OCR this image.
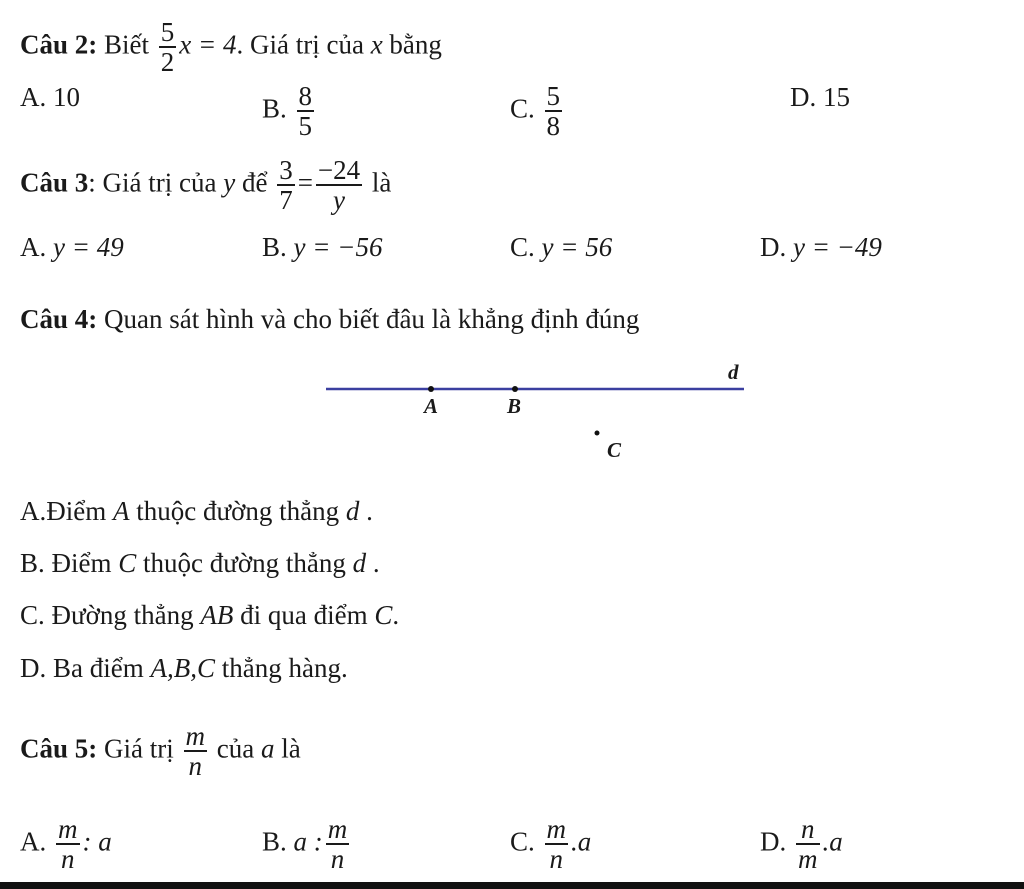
Câu 2: Biết $\frac{5}{2}$ x = 4. Giá trị của x bằng
A. 10	B. $\frac{8}{5}$	C. $\frac{5}{8}$	D. 15
Câu 3: Giá trị của y để $\frac{3}{7} = \frac{-24}{y}$ là
A. y = 49	B. y = −56	C. y = 56	D. y = −49
Câu 4: Quan sát hình và cho biết đâu là khẳng định đúng
d
A	B
C
A.Điểm A thuộc đường thẳng d .
B. Điểm C thuộc đường thẳng d .
C. Đường thẳng AB đi qua điểm C.
D. Ba điểm A,B,C thẳng hàng.
Câu 5: Giá trị $\frac{m}{n}$ của a là
A. $\frac{m}{n}$ : a	B. a : $\frac{m}{n}$	C. $\frac{m}{n} .a$	D. $\frac{n}{m} .a$
